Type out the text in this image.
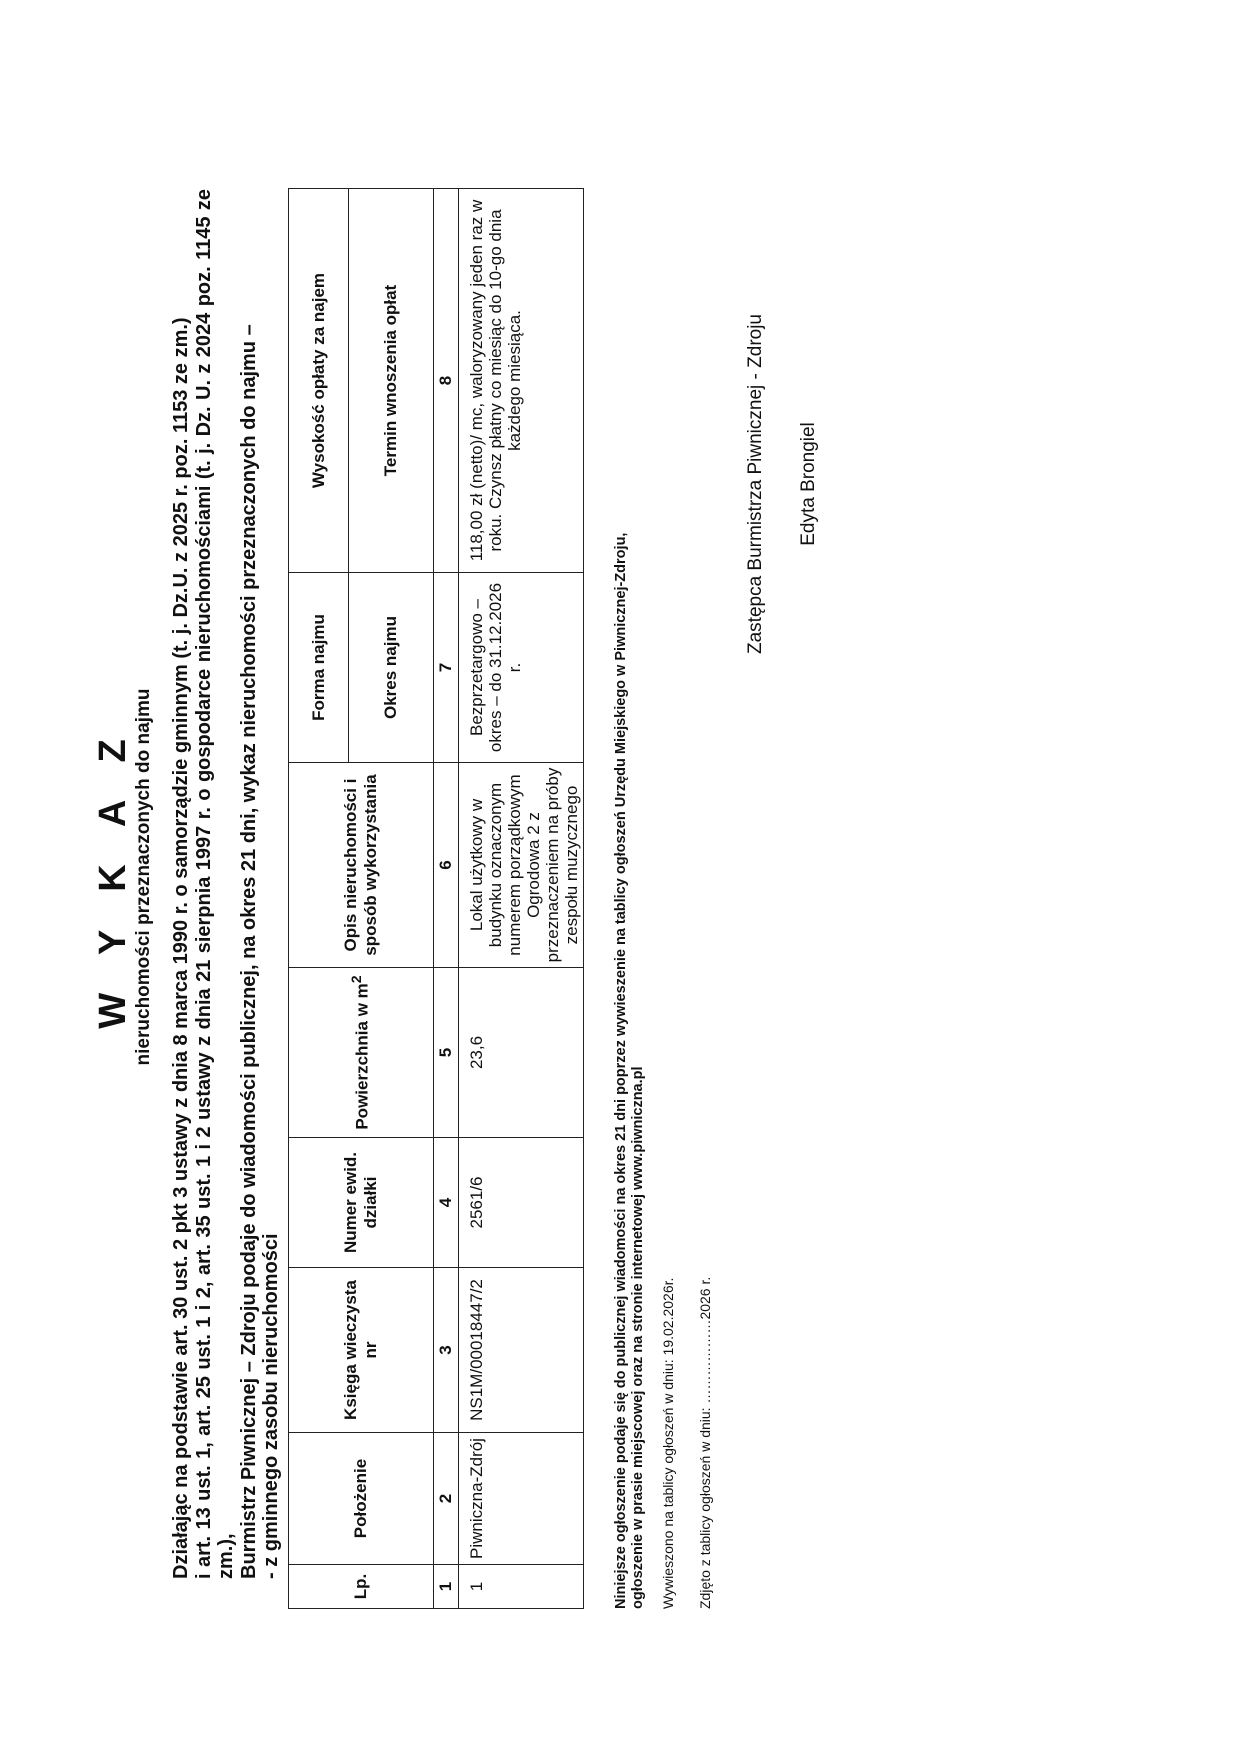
W Y K A Z nieruchomości przeznaczonych do najmu Działając na podstawie art. 30 ust. 2 pkt 3 ustawy z dnia 8 marca 1990 r. o samorządzie gminnym (t. j. Dz.U. z 2025 r. poz. 1153 ze zm.) i art. 13 ust. 1, art. 25 ust. 1 i 2, art. 35 ust. 1 i 2 ustawy z dnia 21 sierpnia 1997 r. o gospodarce nieruchomościami (t. j. Dz. U. z 2024 poz. 1145 ze zm.), Burmistrz Piwnicznej – Zdroju podaje do wiadomości publicznej, na okres 21 dni, wykaz nieruchomości przeznaczonych do najmu – - z gminnego zasobu nieruchomości

Lp.	Położenie	Księga wieczysta nr	Numer ewid. działki	Powierzchnia w $m^2$	Opis nieruchomości i sposób wykorzystania	Forma najmu	Wysokość opłaty za najem
						Okres najmu	Termin wnoszenia opłat
1	2	3	4	5	6	7	8
1	Piwniczna-Zdrój	NS1M/00018447/2	2561/6	23,6	Lokal użytkowy w budynku oznaczonym numerem porządkowym Ogrodowa 2 z przeznaczeniem na próby zespołu muzycznego	Bezprzetargowo – okres – do 31.12.2026 r.	118,00 zł (netto)/ mc, waloryzowany jeden raz w roku. Czynsz płatny co miesiąc do 10-go dnia każdego miesiąca.
Niniejsze ogłoszenie podaje się do publicznej wiadomości na okres 21 dni poprzez wywieszenie na tablicy ogłoszeń Urzędu Miejskiego w Piwnicznej-Zdroju, ogłoszenie w prasie miejscowej oraz na stronie internetowej www.piwniczna.pl Wywieszono na tablicy ogłoszeń w dniu: 19.02.2026r. Zdjęto z tablicy ogłoszeń w dniu: ………………2026 r.
Zastępca Burmistrza Piwnicznej - Zdroju Edyta Brongiel
